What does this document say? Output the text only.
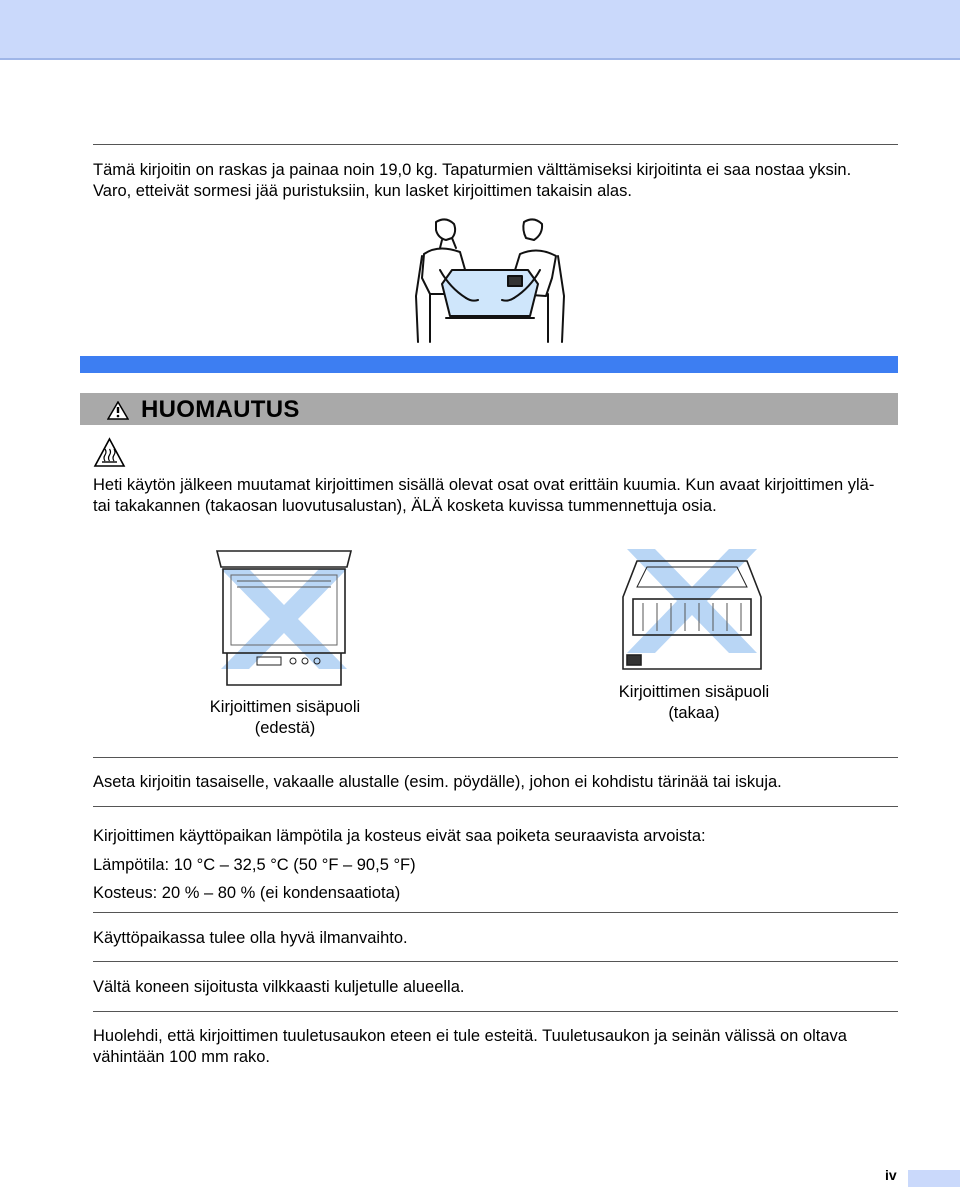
Tämä kirjoitin on raskas ja painaa noin 19,0 kg. Tapaturmien välttämiseksi kirjoitinta ei saa nostaa yksin.
Varo, etteivät sormesi jää puristuksiin, kun lasket kirjoittimen takaisin alas.
HUOMAUTUS
Heti käytön jälkeen muutamat kirjoittimen sisällä olevat osat ovat erittäin kuumia. Kun avaat kirjoittimen ylä-
tai takakannen (takaosan luovutusalustan), ÄLÄ kosketa kuvissa tummennettuja osia.
Kirjoittimen sisäpuoli
(edestä)
Kirjoittimen sisäpuoli
(takaa)
Aseta kirjoitin tasaiselle, vakaalle alustalle (esim. pöydälle), johon ei kohdistu tärinää tai iskuja.
Kirjoittimen käyttöpaikan lämpötila ja kosteus eivät saa poiketa seuraavista arvoista:
Lämpötila: 10 °C – 32,5 °C (50 °F – 90,5 °F)
Kosteus: 20 % – 80 % (ei kondensaatiota)
Käyttöpaikassa tulee olla hyvä ilmanvaihto.
Vältä koneen sijoitusta vilkkaasti kuljetulle alueella.
Huolehdi, että kirjoittimen tuuletusaukon eteen ei tule esteitä. Tuuletusaukon ja seinän välissä on oltava
vähintään 100 mm rako.
iv
